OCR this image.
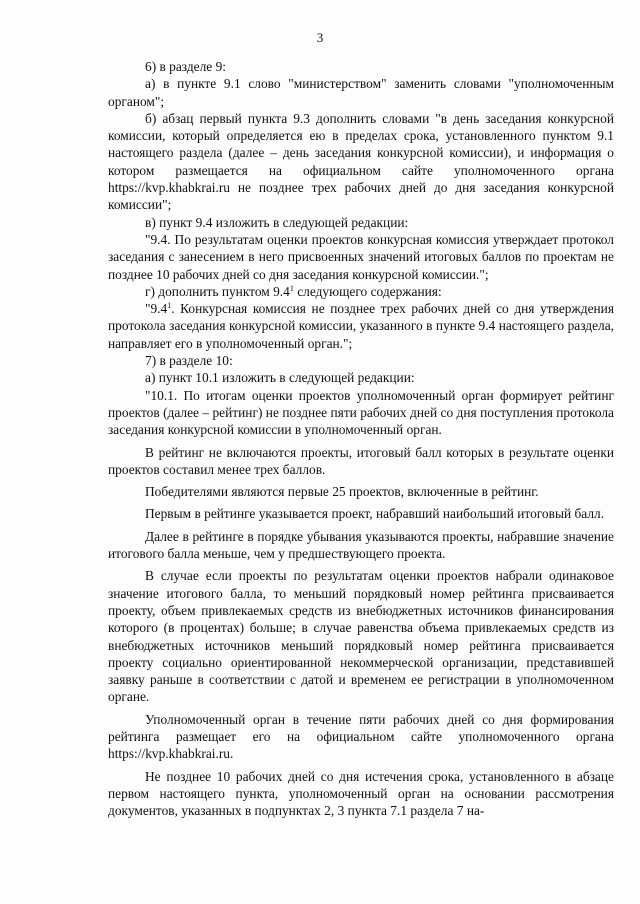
3

6) в разделе 9:

а) в пункте 9.1 слово "министерством" заменить словами "уполномоченным органом";

б) абзац первый пункта 9.3 дополнить словами "в день заседания конкурсной комиссии, который определяется ею в пределах срока, установленного пунктом 9.1 настоящего раздела (далее – день заседания конкурсной комиссии), и информация о котором размещается на официальном сайте уполномоченного органа https://kvp.khabkrai.ru не позднее трех рабочих дней до дня заседания конкурсной комиссии";

в) пункт 9.4 изложить в следующей редакции:

"9.4. По результатам оценки проектов конкурсная комиссия утверждает протокол заседания с занесением в него присвоенных значений итоговых баллов по проектам не позднее 10 рабочих дней со дня заседания конкурсной комиссии.";

г) дополнить пунктом $9.4^1$ следующего содержания:

"$9.4^1$. Конкурсная комиссия не позднее трех рабочих дней со дня утверждения протокола заседания конкурсной комиссии, указанного в пункте 9.4 настоящего раздела, направляет его в уполномоченный орган.";

7) в разделе 10:

а) пункт 10.1 изложить в следующей редакции:

"10.1. По итогам оценки проектов уполномоченный орган формирует рейтинг проектов (далее – рейтинг) не позднее пяти рабочих дней со дня поступления протокола заседания конкурсной комиссии в уполномоченный орган.

В рейтинг не включаются проекты, итоговый балл которых в результате оценки проектов составил менее трех баллов.

Победителями являются первые 25 проектов, включенные в рейтинг.

Первым в рейтинге указывается проект, набравший наибольший итоговый балл.

Далее в рейтинге в порядке убывания указываются проекты, набравшие значение итогового балла меньше, чем у предшествующего проекта.

В случае если проекты по результатам оценки проектов набрали одинаковое значение итогового балла, то меньший порядковый номер рейтинга присваивается проекту, объем привлекаемых средств из внебюджетных источников финансирования которого (в процентах) больше; в случае равенства объема привлекаемых средств из внебюджетных источников меньший порядковый номер рейтинга присваивается проекту социально ориентированной некоммерческой организации, представившей заявку раньше в соответствии с датой и временем ее регистрации в уполномоченном органе.

Уполномоченный орган в течение пяти рабочих дней со дня формирования рейтинга размещает его на официальном сайте уполномоченного органа https://kvp.khabkrai.ru.

Не позднее 10 рабочих дней со дня истечения срока, установленного в абзаце первом настоящего пункта, уполномоченный орган на основании рассмотрения документов, указанных в подпунктах 2, 3 пункта 7.1 раздела 7 на-
